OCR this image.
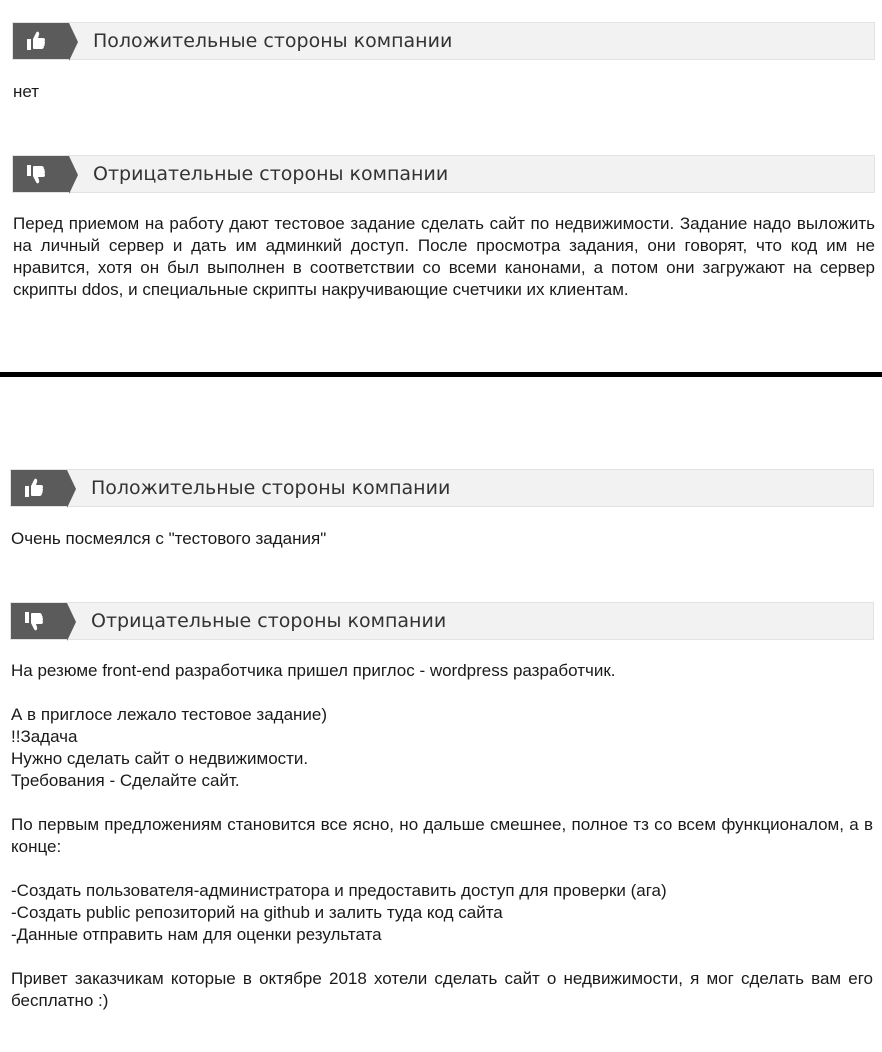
Положительные стороны компании
нет
Отрицательные стороны компании
Перед приемом на работу дают тестовое задание сделать сайт по недвижимости. Задание надо выложить на личный сервер и дать им админкий доступ. После просмотра задания, они говорят, что код им не нравится, хотя он был выполнен в соответствии со всеми канонами, а потом они загружают на сервер скрипты ddos, и специальные скрипты накручивающие счетчики их клиентам.
Положительные стороны компании
Очень посмеялся с "тестового задания"
Отрицательные стороны компании
На резюме front-end разработчика пришел приглос - wordpress разработчик.
А в приглосе лежало тестовое задание)
!!Задача
Нужно сделать сайт о недвижимости.
Требования - Сделайте сайт.
По первым предложениям становится все ясно, но дальше смешнее, полное тз со всем функционалом, а в конце:
-Создать пользователя-администратора и предоставить доступ для проверки (ага)
-Создать public репозиторий на github и залить туда код сайта
-Данные отправить нам для оценки результата
Привет заказчикам которые в октябре 2018 хотели сделать сайт о недвижимости, я мог сделать вам его бесплатно :)
